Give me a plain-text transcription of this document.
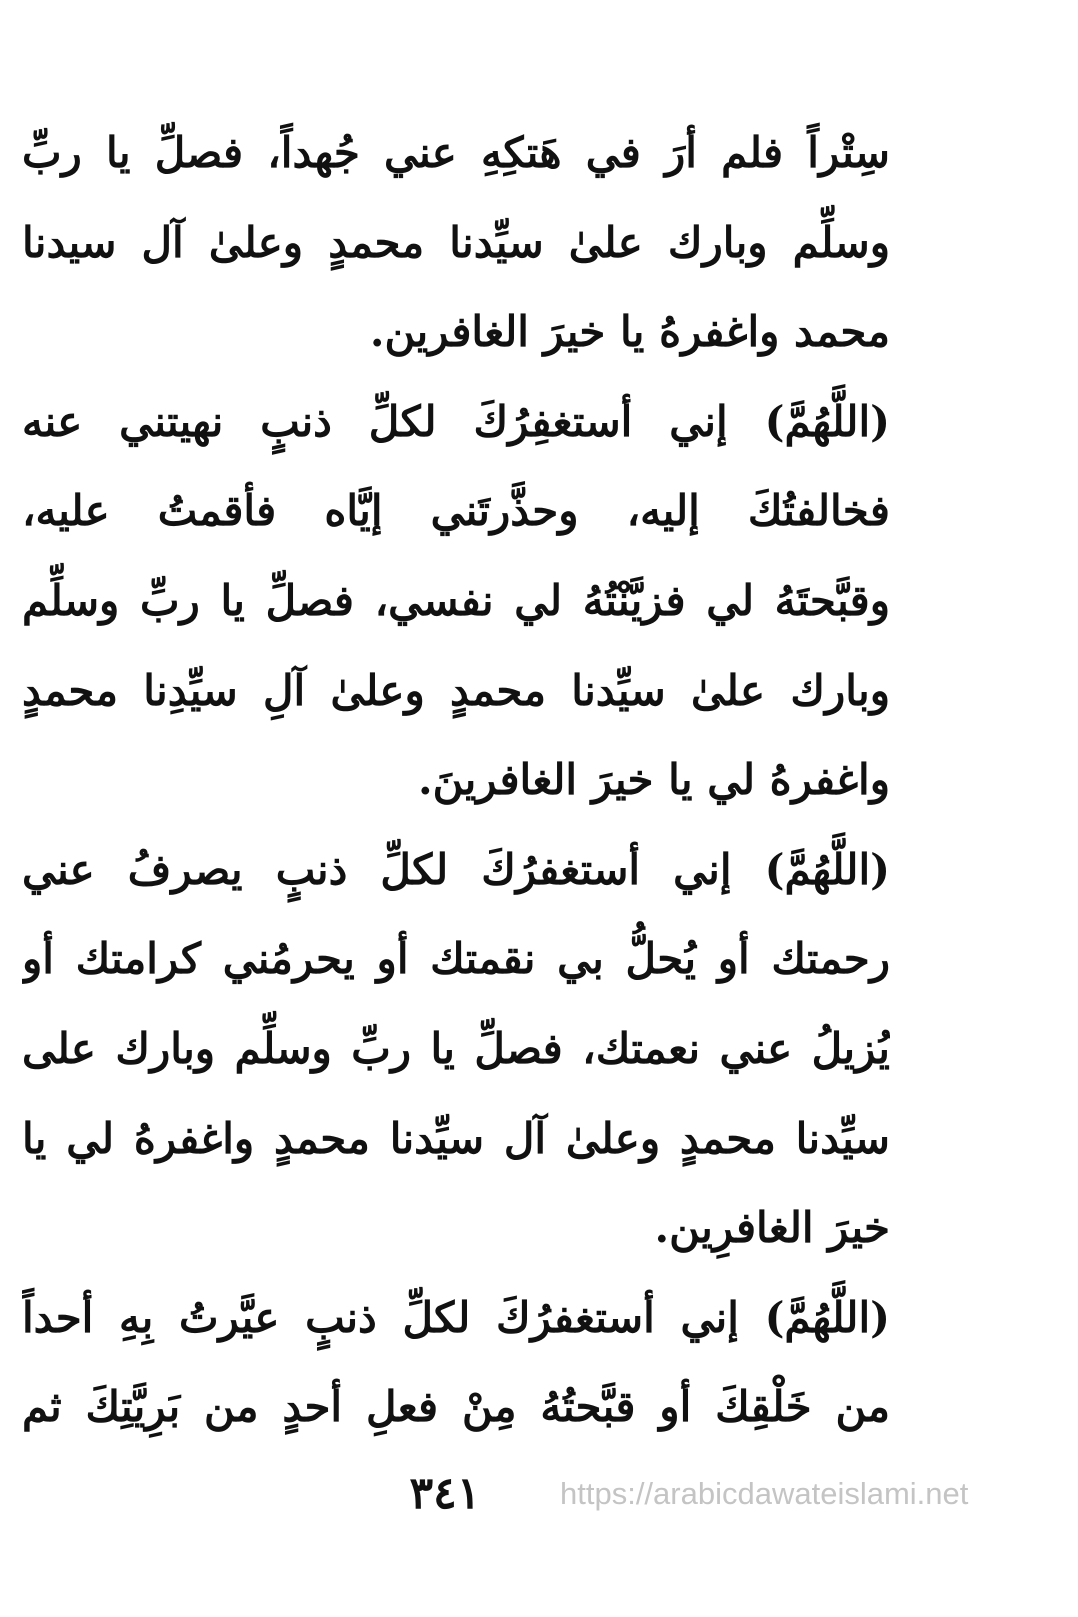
سِتْراً فلم أرَ في هَتكِهِ عني جُهداً، فصلِّ يا ربِّ
وسلِّم وبارك علىٰ سيِّدنا محمدٍ وعلىٰ آل سيدنا
محمد واغفرهُ يا خيرَ الغافرين.
(اللَّهُمَّ) إني أستغفِرُكَ لكلِّ ذنبٍ نهيتني عنه
فخالفتُكَ إليه، وحذَّرتَني إيَّاه فأقمتُ عليه،
وقبَّحتَهُ لي فزيَّنْتُهُ لي نفسي، فصلِّ يا ربِّ وسلِّم
وبارك علىٰ سيِّدنا محمدٍ وعلىٰ آلِ سيِّدِنا محمدٍ
واغفرهُ لي يا خيرَ الغافرينَ.
(اللَّهُمَّ) إني أستغفرُكَ لكلِّ ذنبٍ يصرفُ عني
رحمتك أو يُحلُّ بي نقمتك أو يحرمُني كرامتك أو
يُزيلُ عني نعمتك، فصلِّ يا ربِّ وسلِّم وبارك على
سيِّدنا محمدٍ وعلىٰ آل سيِّدنا محمدٍ واغفرهُ لي يا
خيرَ الغافرِين.
(اللَّهُمَّ) إني أستغفرُكَ لكلِّ ذنبٍ عيَّرتُ بِهِ أحداً
من خَلْقِكَ أو قبَّحتُهُ مِنْ فعلِ أحدٍ من بَرِيَّتِكَ ثم
٣٤١	https://arabicdawateislami.net
